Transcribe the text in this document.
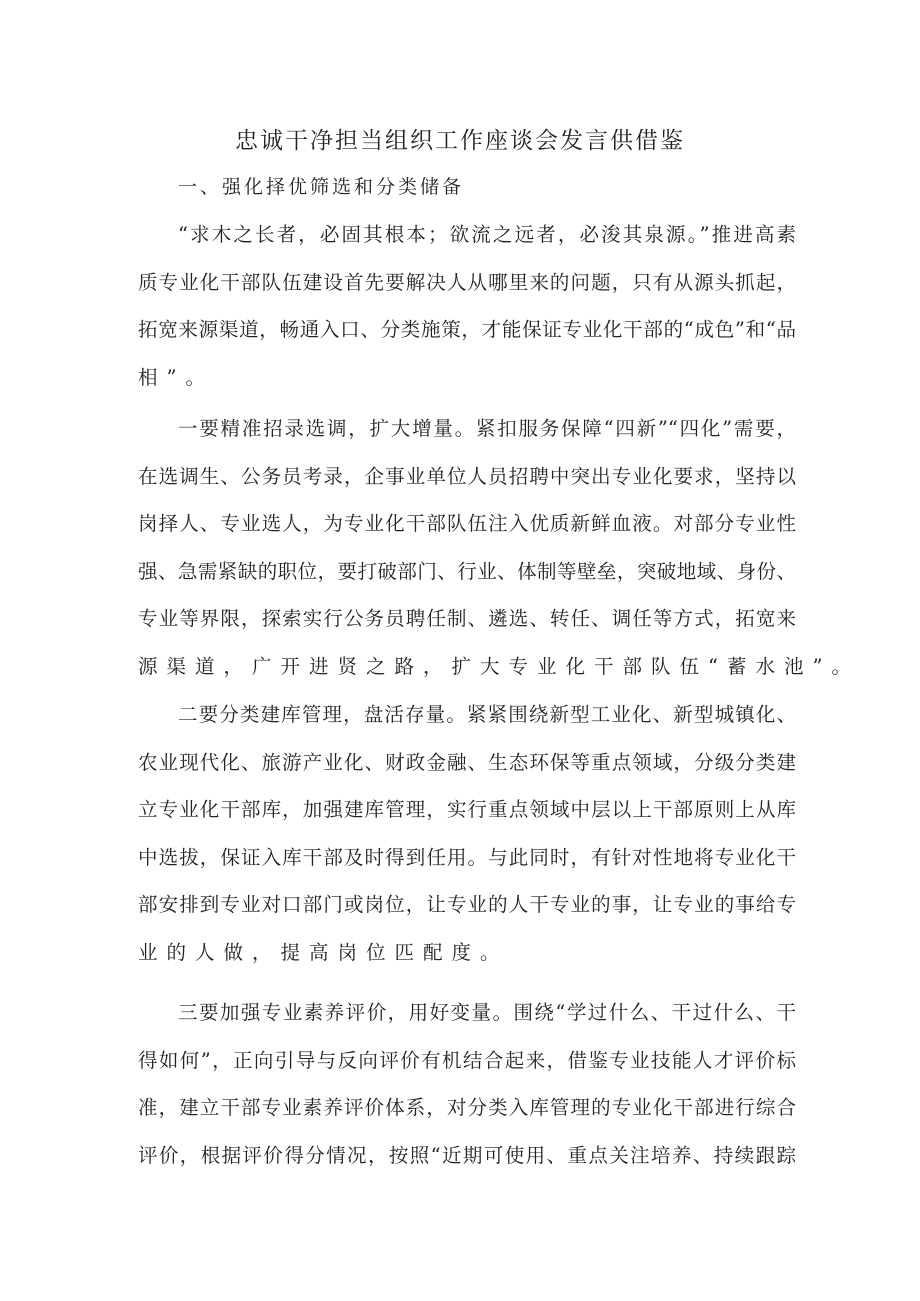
忠诚干净担当组织工作座谈会发言供借鉴
一、强化择优筛选和分类储备
“求木之长者，必固其根本；欲流之远者，必浚其泉源。”推进高素
质专业化干部队伍建设首先要解决人从哪里来的问题，只有从源头抓起，
拓宽来源渠道，畅通入口、分类施策，才能保证专业化干部的“成色”和“品
相”。
一要精准招录选调，扩大增量。紧扣服务保障“四新”“四化”需要，
在选调生、公务员考录，企事业单位人员招聘中突出专业化要求，坚持以
岗择人、专业选人，为专业化干部队伍注入优质新鲜血液。对部分专业性
强、急需紧缺的职位，要打破部门、行业、体制等壁垒，突破地域、身份、
专业等界限，探索实行公务员聘任制、遴选、转任、调任等方式，拓宽来
源渠道，广开进贤之路，扩大专业化干部队伍“蓄水池”。
二要分类建库管理，盘活存量。紧紧围绕新型工业化、新型城镇化、
农业现代化、旅游产业化、财政金融、生态环保等重点领域，分级分类建
立专业化干部库，加强建库管理，实行重点领域中层以上干部原则上从库
中选拔，保证入库干部及时得到任用。与此同时，有针对性地将专业化干
部安排到专业对口部门或岗位，让专业的人干专业的事，让专业的事给专
业的人做，提高岗位匹配度。
三要加强专业素养评价，用好变量。围绕“学过什么、干过什么、干
得如何”，正向引导与反向评价有机结合起来，借鉴专业技能人才评价标
准，建立干部专业素养评价体系，对分类入库管理的专业化干部进行综合
评价，根据评价得分情况，按照“近期可使用、重点关注培养、持续跟踪
